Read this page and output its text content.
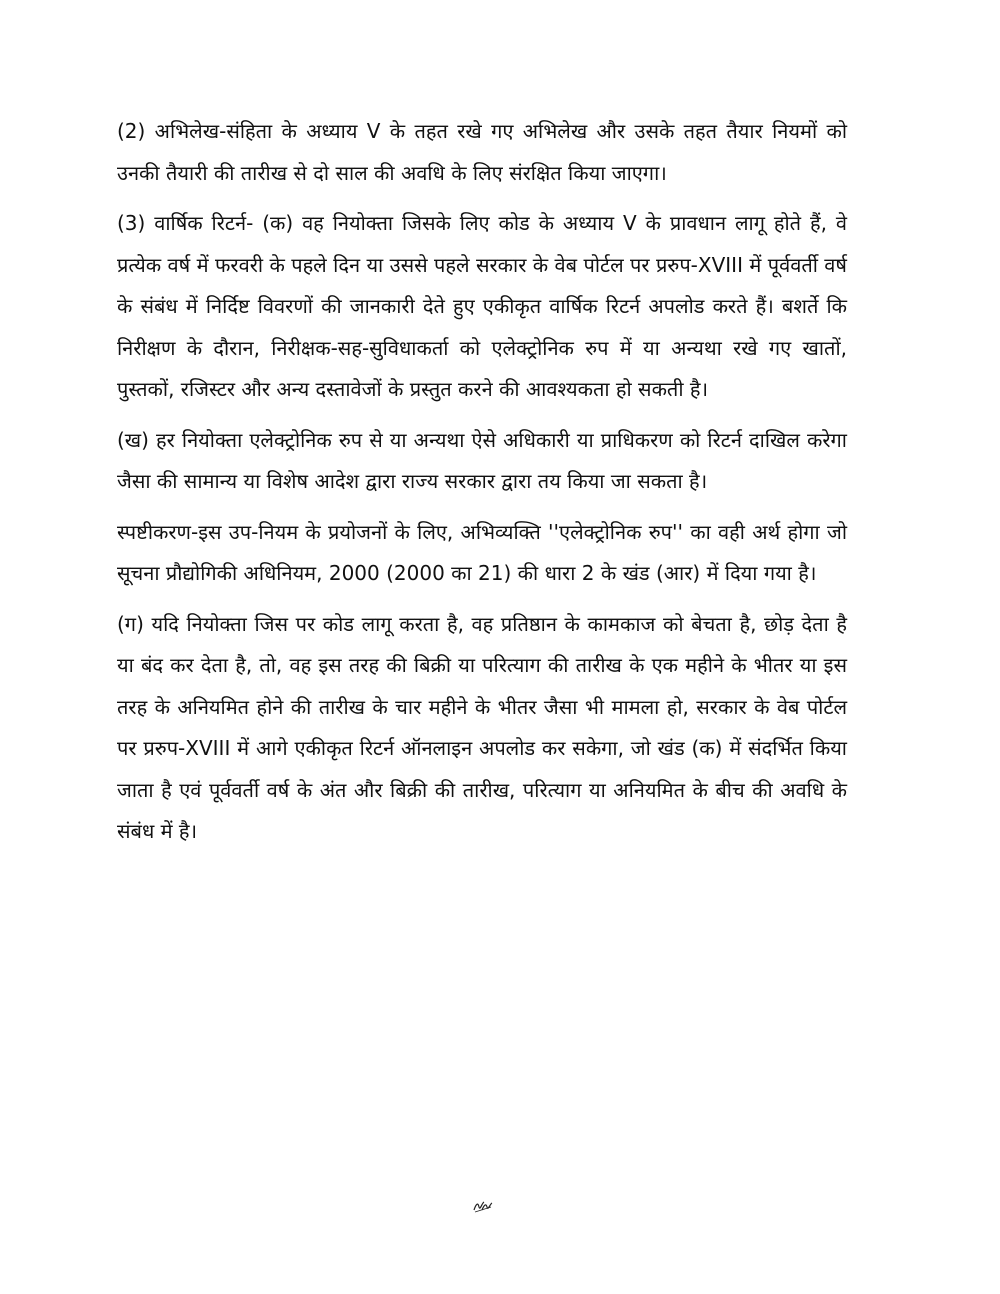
(2) अभिलेख-संहिता के अध्याय V के तहत रखे गए अभिलेख और उसके तहत तैयार नियमों को उनकी तैयारी की तारीख से दो साल की अवधि के लिए संरक्षित किया जाएगा।

(3) वार्षिक रिटर्न- (क) वह नियोक्ता जिसके लिए कोड के अध्याय V के प्रावधान लागू होते हैं, वे प्रत्येक वर्ष में फरवरी के पहले दिन या उससे पहले सरकार के वेब पोर्टल पर प्ररुप-XVIII में पूर्ववर्ती वर्ष के संबंध में निर्दिष्ट विवरणों की जानकारी देते हुए एकीकृत वार्षिक रिटर्न अपलोड करते हैं। बशर्ते कि निरीक्षण के दौरान, निरीक्षक-सह-सुविधाकर्ता को एलेक्ट्रोनिक रुप में या अन्यथा रखे गए खातों, पुस्तकों, रजिस्टर और अन्य दस्तावेजों के प्रस्तुत करने की आवश्यकता हो सकती है।

(ख) हर नियोक्ता एलेक्ट्रोनिक रुप से या अन्यथा ऐसे अधिकारी या प्राधिकरण को रिटर्न दाखिल करेगा जैसा की सामान्य या विशेष आदेश द्वारा राज्य सरकार द्वारा तय किया जा सकता है।

स्पष्टीकरण-इस उप-नियम के प्रयोजनों के लिए, अभिव्यक्ति ''एलेक्ट्रोनिक रुप'' का वही अर्थ होगा जो सूचना प्रौद्योगिकी अधिनियम, 2000 (2000 का 21) की धारा 2 के खंड (आर) में दिया गया है।

(ग) यदि नियोक्ता जिस पर कोड लागू करता है, वह प्रतिष्ठान के कामकाज को बेचता है, छोड़ देता है या बंद कर देता है, तो, वह इस तरह की बिक्री या परित्याग की तारीख के एक महीने के भीतर या इस तरह के अनियमित होने की तारीख के चार महीने के भीतर जैसा भी मामला हो, सरकार के वेब पोर्टल पर प्ररुप-XVIII में आगे एकीकृत रिटर्न ऑनलाइन अपलोड कर सकेगा, जो खंड (क) में संदर्भित किया जाता है एवं पूर्ववर्ती वर्ष के अंत और बिक्री की तारीख, परित्याग या अनियमित के बीच की अवधि के संबंध में है।
